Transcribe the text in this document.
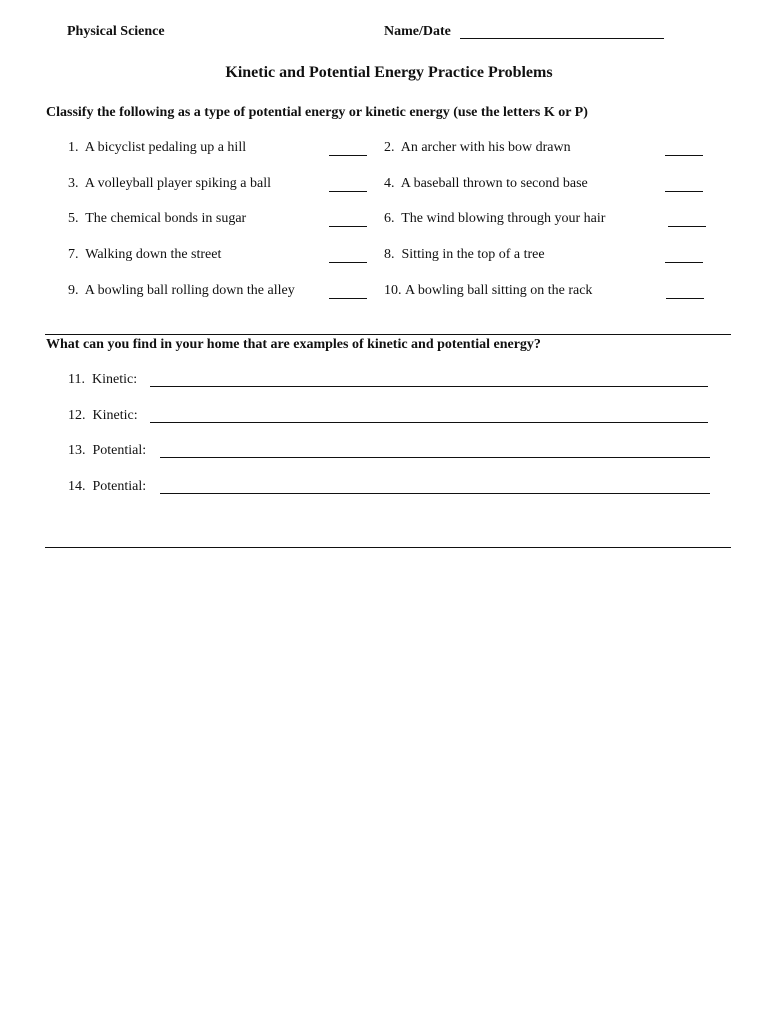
Physical Science	Name/Date
Kinetic and Potential Energy Practice Problems
Classify the following as a type of potential energy or kinetic energy (use the letters K or P)
1. A bicyclist pedaling up a hill
3. A volleyball player spiking a ball
5. The chemical bonds in sugar
7. Walking down the street
9. A bowling ball rolling down the alley
2. An archer with his bow drawn
4. A baseball thrown to second base
6. The wind blowing through your hair
8. Sitting in the top of a tree
10. A bowling ball sitting on the rack
What can you find in your home that are examples of kinetic and potential energy?
11. Kinetic:
12. Kinetic:
13. Potential:
14. Potential:
